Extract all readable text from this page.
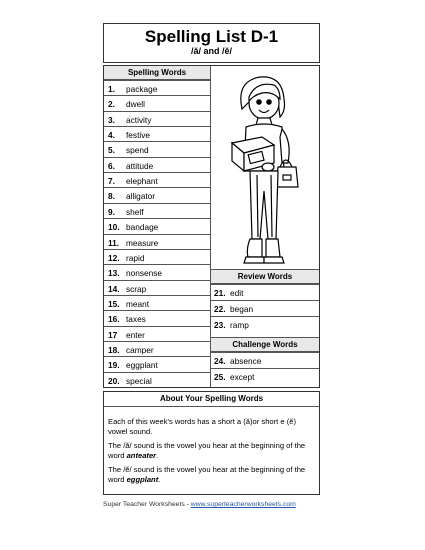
Spelling List D-1
/ă/ and /ĕ/
Spelling Words
1. package
2. dwell
3. activity
4. festive
5. spend
6. attitude
7. elephant
8. alligator
9. shelf
10. bandage
11. measure
12. rapid
13. nonsense
14. scrap
15. meant
16. taxes
17 enter
18. camper
19. eggplant
20. special
Review Words
21. edit
22. began
23. ramp
Challenge Words
24. absence
25. except
About Your Spelling Words

Each of this week's words has a short a (ă)or short e (ĕ) vowel sound.

The /ă/ sound is the vowel you hear at the beginning of the word anteater.

The /ĕ/ sound is the vowel you hear at the beginning of the word eggplant.

Super Teacher Worksheets - www.superteacherworksheets.com
